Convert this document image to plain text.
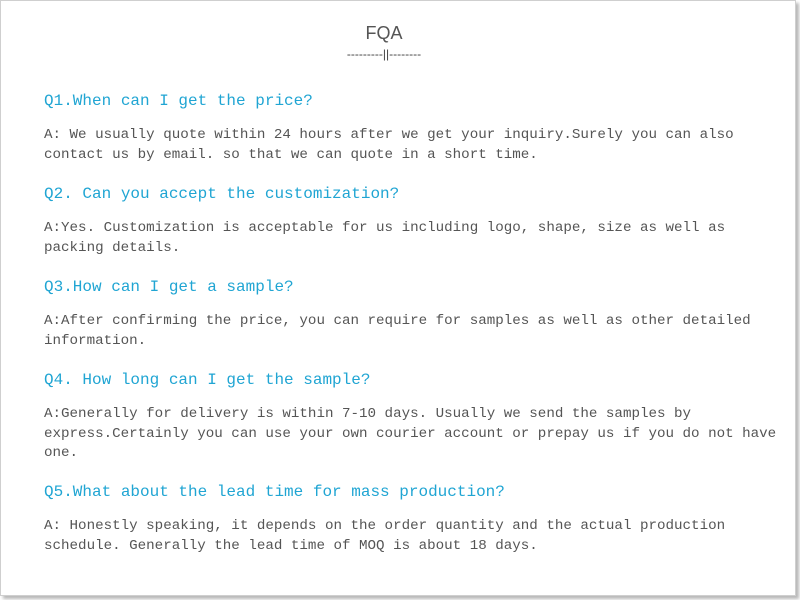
FQA
---------||--------
Q1.When can I get the price?
A: We usually quote within 24 hours after we get your inquiry.Surely you can also contact us by email. so that we can quote in a short time.
Q2. Can you accept the customization?
A:Yes. Customization is acceptable for us including logo, shape, size as well as packing details.
Q3.How can I get a sample?
A:After confirming the price, you can require for samples as well as other detailed information.
Q4. How long can I get the sample?
A:Generally for delivery is within 7-10 days. Usually we send the samples by express.Certainly you can use your own courier account or prepay us if you do not have one.
Q5.What about the lead time for mass production?
A: Honestly speaking, it depends on the order quantity and the actual production schedule. Generally the lead time of MOQ is about 18 days.
